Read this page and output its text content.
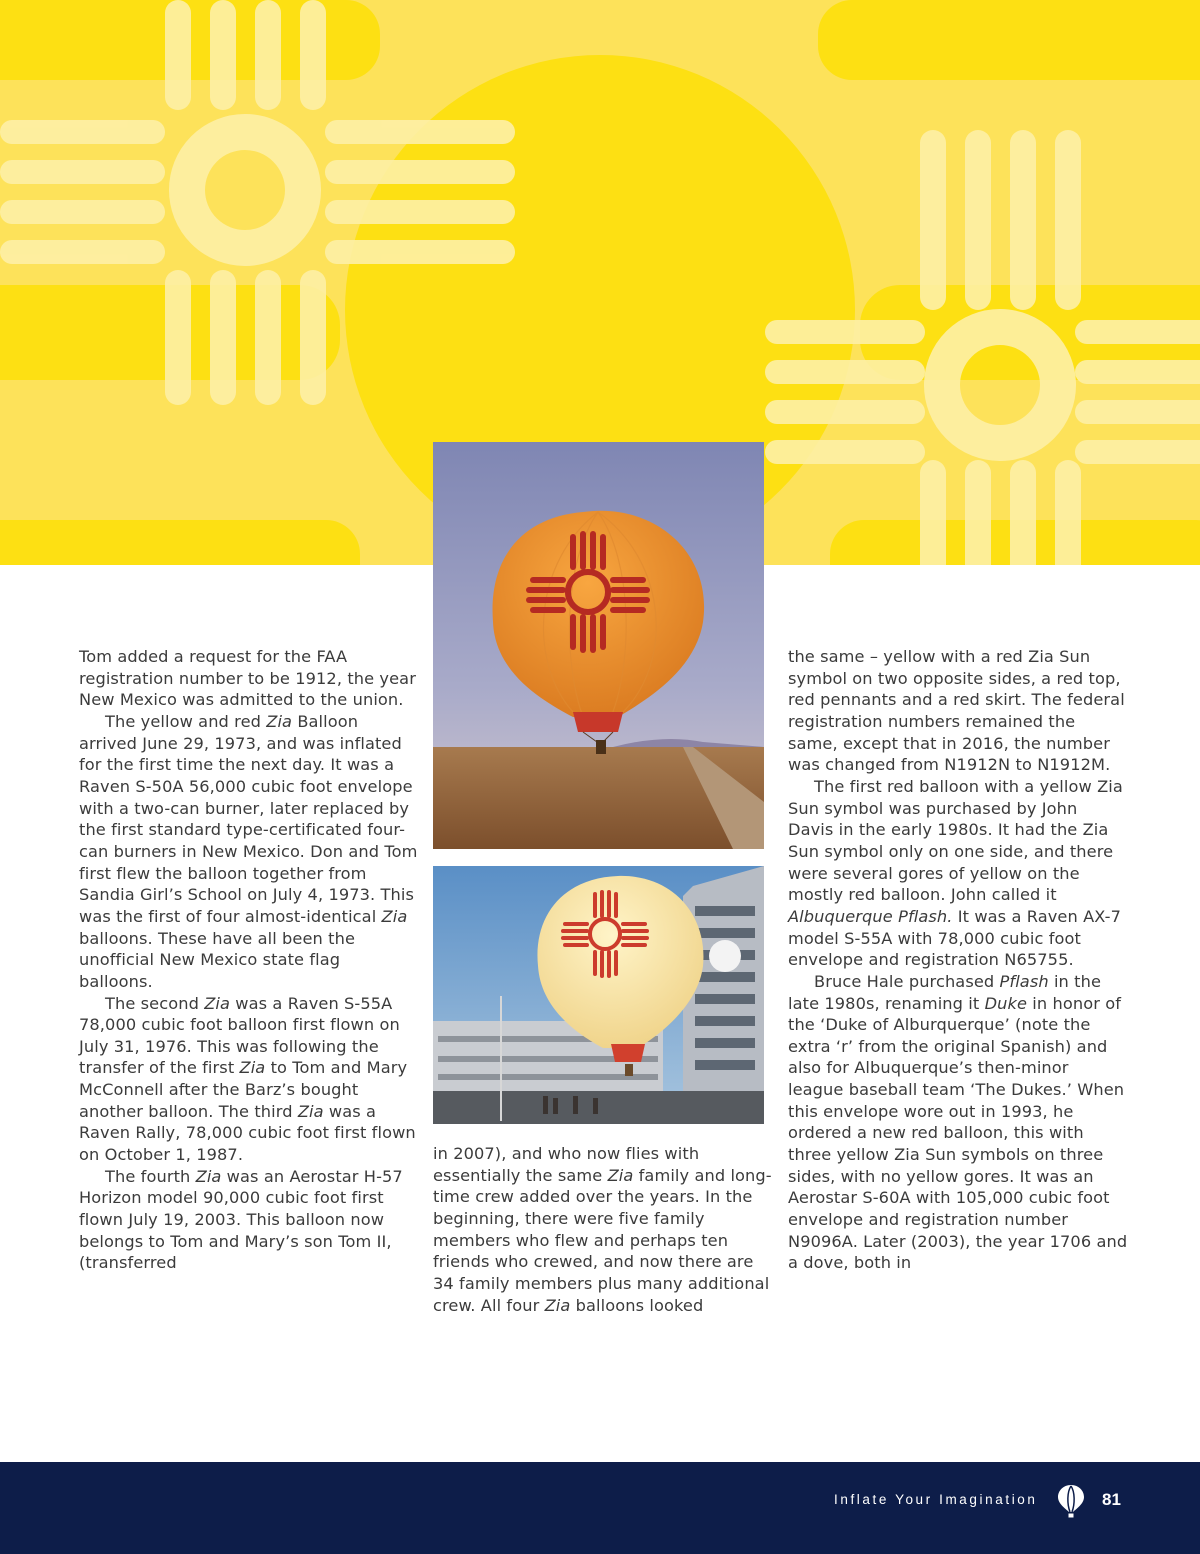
Tom added a request for the FAA registration number to be 1912, the year New Mexico was admitted to the union.

The yellow and red Zia Balloon arrived June 29, 1973, and was inflated for the first time the next day. It was a Raven S-50A 56,000 cubic foot envelope with a two-can burner, later replaced by the first standard type-certificated four-can burners in New Mexico. Don and Tom first flew the balloon together from Sandia Girl’s School on July 4, 1973. This was the first of four almost-identical Zia balloons. These have all been the unofficial New Mexico state flag balloons.

The second Zia was a Raven S-55A 78,000 cubic foot balloon first flown on July 31, 1976. This was following the transfer of the first Zia to Tom and Mary McConnell after the Barz’s bought another balloon. The third Zia was a Raven Rally, 78,000 cubic foot first flown on October 1, 1987.

The fourth Zia was an Aerostar H-57 Horizon model 90,000 cubic foot first flown July 19, 2003. This balloon now belongs to Tom and Mary’s son Tom II, (transferred

in 2007), and who now flies with essentially the same Zia family and long-time crew added over the years. In the beginning, there were five family members who flew and perhaps ten friends who crewed, and now there are 34 family members plus many additional crew. All four Zia balloons looked

the same – yellow with a red Zia Sun symbol on two opposite sides, a red top, red pennants and a red skirt. The federal registration numbers remained the same, except that in 2016, the number was changed from N1912N to N1912M.

The first red balloon with a yellow Zia Sun symbol was purchased by John Davis in the early 1980s. It had the Zia Sun symbol only on one side, and there were several gores of yellow on the mostly red balloon. John called it Albuquerque Pflash. It was a Raven AX-7 model S-55A with 78,000 cubic foot envelope and registration N65755.

Bruce Hale purchased Pflash in the late 1980s, renaming it Duke in honor of the ‘Duke of Alburquerque’ (note the extra ‘r’ from the original Spanish) and also for Albuquerque’s then-minor league baseball team ‘The Dukes.’ When this envelope wore out in 1993, he ordered a new red balloon, this with three yellow Zia Sun symbols on three sides, with no yellow gores. It was an Aerostar S-60A with 105,000 cubic foot envelope and registration number N9096A. Later (2003), the year 1706 and a dove, both in

Inflate Your Imagination	81
